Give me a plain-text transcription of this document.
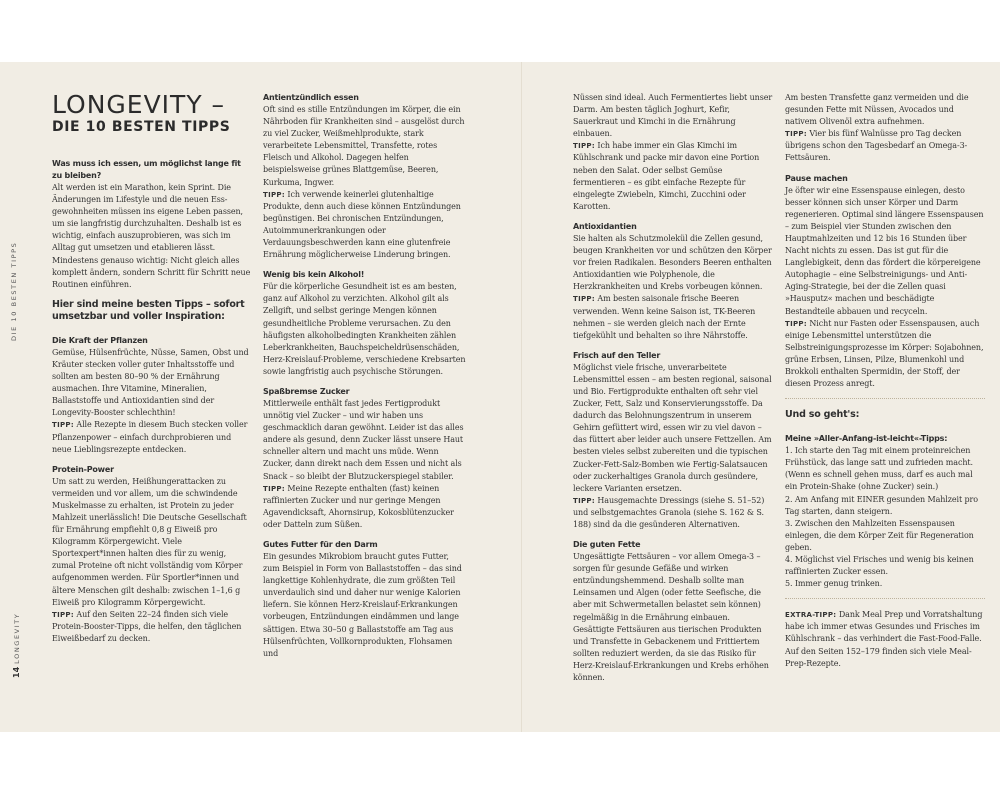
DIE 10 BESTEN TIPPS
14LONGEVITY
LONGEVITY –
DIE 10 BESTEN TIPPS
Was muss ich essen, um möglichst lange fit zu bleiben?

Alt werden ist ein Marathon, kein Sprint. Die Änderungen im Lifestyle und die neuen Ess-gewohnheiten müssen ins eigene Leben passen, um sie langfristig durchzuhalten. Deshalb ist es wichtig, einfach auszuprobieren, was sich im Alltag gut umsetzen und etablieren lässt. Mindestens genauso wichtig: Nicht gleich alles komplett ändern, sondern Schritt für Schritt neue Routinen einführen.

Hier sind meine besten Tipps – sofort umsetzbar und voller Inspiration:
Die Kraft der Pflanzen

Gemüse, Hülsenfrüchte, Nüsse, Samen, Obst und Kräuter stecken voller guter Inhaltsstoffe und sollten am besten 80–90 % der Ernährung ausmachen. Ihre Vitamine, Mineralien, Ballaststoffe und Antioxidantien sind der Longevity-Booster schlechthin!

TIPP: Alle Rezepte in diesem Buch stecken voller Pflanzenpower – einfach durchprobieren und neue Lieblingsrezepte entdecken.

Protein-Power

Um satt zu werden, Heißhungerattacken zu vermeiden und vor allem, um die schwindende Muskelmasse zu erhalten, ist Protein zu jeder Mahlzeit unerlässlich! Die Deutsche Gesellschaft für Ernährung empfiehlt 0,8 g Eiweiß pro Kilogramm Körpergewicht. Viele Sportexpert*innen halten dies für zu wenig, zumal Proteine oft nicht vollständig vom Körper aufgenommen werden. Für Sportler*innen und ältere Menschen gilt deshalb: zwischen 1–1,6 g Eiweiß pro Kilogramm Körpergewicht.

TIPP: Auf den Seiten 22–24 finden sich viele Protein-Booster-Tipps, die helfen, den täglichen Eiweißbedarf zu decken.

Antientzündlich essen

Oft sind es stille Entzündungen im Körper, die ein Nährboden für Krankheiten sind – ausgelöst durch zu viel Zucker, Weißmehlprodukte, stark verarbeitete Lebensmittel, Transfette, rotes Fleisch und Alkohol. Dagegen helfen beispielsweise grünes Blattgemüse, Beeren, Kurkuma, Ingwer.

TIPP: Ich verwende keinerlei glutenhaltige Produkte, denn auch diese können Entzündungen begünstigen. Bei chronischen Entzündungen, Autoimmunerkrankungen oder Verdauungsbeschwerden kann eine glutenfreie Ernährung möglicherweise Linderung bringen.

Wenig bis kein Alkohol!

Für die körperliche Gesundheit ist es am besten, ganz auf Alkohol zu verzichten. Alkohol gilt als Zellgift, und selbst geringe Mengen können gesundheitliche Probleme verursachen. Zu den häufigsten alkoholbedingten Krankheiten zählen Leberkrankheiten, Bauchspeicheldrüsenschäden, Herz-Kreislauf-Probleme, verschiedene Krebsarten sowie langfristig auch psychische Störungen.

Spaßbremse Zucker

Mittlerweile enthält fast jedes Fertigprodukt unnötig viel Zucker – und wir haben uns geschmacklich daran gewöhnt. Leider ist das alles andere als gesund, denn Zucker lässt unsere Haut schneller altern und macht uns müde. Wenn Zucker, dann direkt nach dem Essen und nicht als Snack – so bleibt der Blutzuckerspiegel stabiler.

TIPP: Meine Rezepte enthalten (fast) keinen raffinierten Zucker und nur geringe Mengen Agavendicksaft, Ahornsirup, Kokosblütenzucker oder Datteln zum Süßen.

Gutes Futter für den Darm

Ein gesundes Mikrobiom braucht gutes Futter, zum Beispiel in Form von Ballaststoffen – das sind langkettige Kohlenhydrate, die zum größten Teil unverdaulich sind und daher nur wenige Kalorien liefern. Sie können Herz-Kreislauf-Erkrankungen vorbeugen, Entzündungen eindämmen und lange sättigen. Etwa 30–50 g Ballaststoffe am Tag aus Hülsenfrüchten, Vollkornprodukten, Flohsamen und

Nüssen sind ideal. Auch Fermentiertes liebt unser Darm. Am besten täglich Joghurt, Kefir, Sauerkraut und Kimchi in die Ernährung einbauen.

TIPP: Ich habe immer ein Glas Kimchi im Kühlschrank und packe mir davon eine Portion neben den Salat. Oder selbst Gemüse fermentieren – es gibt einfache Rezepte für eingelegte Zwiebeln, Kimchi, Zucchini oder Karotten.

Antioxidantien

Sie halten als Schutzmolekül die Zellen gesund, beugen Krankheiten vor und schützen den Körper vor freien Radikalen. Besonders Beeren enthalten Antioxidantien wie Polyphenole, die Herzkrankheiten und Krebs vorbeugen können.

TIPP: Am besten saisonale frische Beeren verwenden. Wenn keine Saison ist, TK-Beeren nehmen – sie werden gleich nach der Ernte tiefgekühlt und behalten so ihre Nährstoffe.

Frisch auf den Teller

Möglichst viele frische, unverarbeitete Lebensmittel essen – am besten regional, saisonal und Bio. Fertigprodukte enthalten oft sehr viel Zucker, Fett, Salz und Konservierungsstoffe. Da dadurch das Belohnungszentrum in unserem Gehirn gefüttert wird, essen wir zu viel davon – das füttert aber leider auch unsere Fettzellen. Am besten vieles selbst zubereiten und die typischen Zucker-Fett-Salz-Bomben wie Fertig-Salatsaucen oder zuckerhaltiges Granola durch gesündere, leckere Varianten ersetzen.

TIPP: Hausgemachte Dressings (siehe S. 51–52) und selbstgemachtes Granola (siehe S. 162 & S. 188) sind da die gesünderen Alternativen.

Die guten Fette

Ungesättigte Fettsäuren – vor allem Omega-3 – sorgen für gesunde Gefäße und wirken entzündungshemmend. Deshalb sollte man Leinsamen und Algen (oder fette Seefische, die aber mit Schwermetallen belastet sein können) regelmäßig in die Ernährung einbauen. Gesättigte Fettsäuren aus tierischen Produkten und Transfette in Gebackenem und Frittiertem sollten reduziert werden, da sie das Risiko für Herz-Kreislauf-Erkrankungen und Krebs erhöhen können.

Am besten Transfette ganz vermeiden und die gesunden Fette mit Nüssen, Avocados und nativem Olivenöl extra aufnehmen.

TIPP: Vier bis fünf Walnüsse pro Tag decken übrigens schon den Tagesbedarf an Omega-3-Fettsäuren.

Pause machen

Je öfter wir eine Essenspause einlegen, desto besser können sich unser Körper und Darm regenerieren. Optimal sind längere Essenspausen – zum Beispiel vier Stunden zwischen den Hauptmahlzeiten und 12 bis 16 Stunden über Nacht nichts zu essen. Das ist gut für die Langlebigkeit, denn das fördert die körpereigene Autophagie – eine Selbstreinigungs- und Anti-Aging-Strategie, bei der die Zellen quasi »Hausputz« machen und beschädigte Bestandteile abbauen und recyceln.

TIPP: Nicht nur Fasten oder Essenspausen, auch einige Lebensmittel unterstützen die Selbstreinigungsprozesse im Körper: Sojabohnen, grüne Erbsen, Linsen, Pilze, Blumenkohl und Brokkoli enthalten Spermidin, der Stoff, der diesen Prozess anregt.

Und so geht's:
Meine »Aller-Anfang-ist-leicht«-Tipps:

1. Ich starte den Tag mit einem proteinreichen Frühstück, das lange satt und zufrieden macht. (Wenn es schnell gehen muss, darf es auch mal ein Protein-Shake (ohne Zucker) sein.)

2. Am Anfang mit EINER gesunden Mahlzeit pro Tag starten, dann steigern.

3. Zwischen den Mahlzeiten Essenspausen einlegen, die dem Körper Zeit für Regeneration geben.

4. Möglichst viel Frisches und wenig bis keinen raffinierten Zucker essen.

5. Immer genug trinken.

EXTRA-TIPP: Dank Meal Prep und Vorratshaltung habe ich immer etwas Gesundes und Frisches im Kühlschrank – das verhindert die Fast-Food-Falle. Auf den Seiten 152–179 finden sich viele Meal-Prep-Rezepte.
